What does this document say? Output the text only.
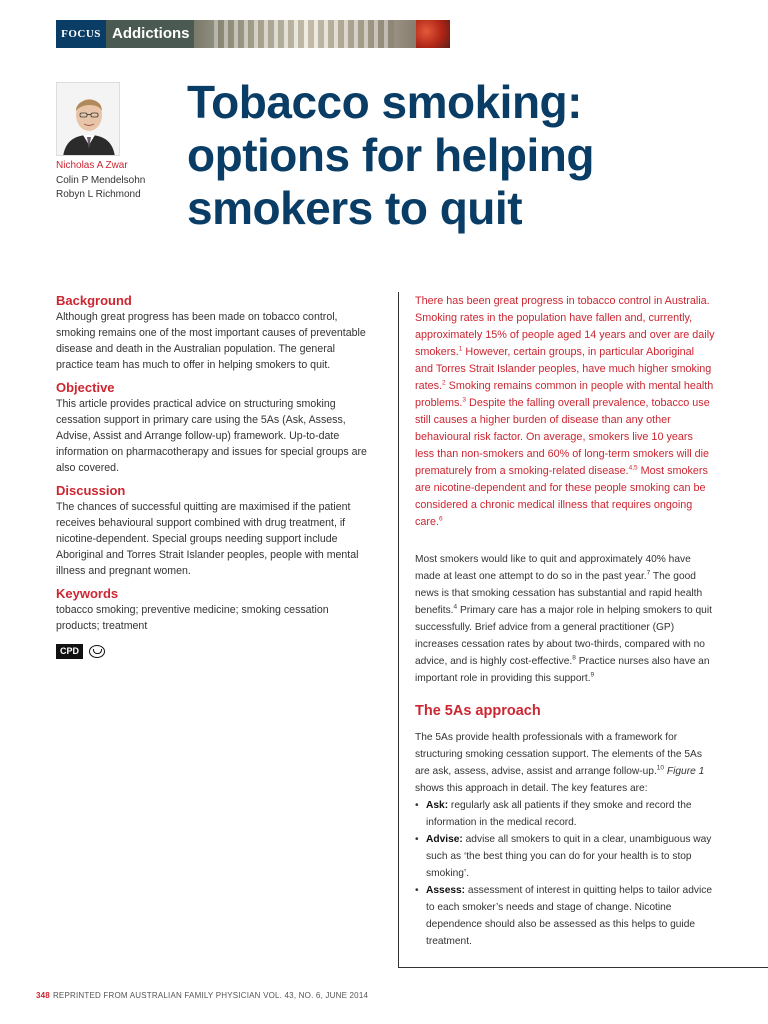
FOCUS Addictions
Nicholas A Zwar
Colin P Mendelsohn
Robyn L Richmond
Tobacco smoking: options for helping smokers to quit
Background

Although great progress has been made on tobacco control, smoking remains one of the most important causes of preventable disease and death in the Australian population. The general practice team has much to offer in helping smokers to quit.

Objective

This article provides practical advice on structuring smoking cessation support in primary care using the 5As (Ask, Assess, Advise, Assist and Arrange follow-up) framework. Up-to-date information on pharmacotherapy and issues for special groups are also covered.

Discussion

The chances of successful quitting are maximised if the patient receives behavioural support combined with drug treatment, if nicotine-dependent. Special groups needing support include Aboriginal and Torres Strait Islander peoples, people with mental illness and pregnant women.

Keywords

tobacco smoking; preventive medicine; smoking cessation products; treatment

CPD

There has been great progress in tobacco control in Australia. Smoking rates in the population have fallen and, currently, approximately 15% of people aged 14 years and over are daily smokers.$^1$ However, certain groups, in particular Aboriginal and Torres Strait Islander peoples, have much higher smoking rates.$^2$ Smoking remains common in people with mental health problems.$^3$ Despite the falling overall prevalence, tobacco use still causes a higher burden of disease than any other behavioural risk factor. On average, smokers live 10 years less than non-smokers and 60% of long-term smokers will die prematurely from a smoking-related disease.$^{4,5}$ Most smokers are nicotine-dependent and for these people smoking can be considered a chronic medical illness that requires ongoing care.$^6$

Most smokers would like to quit and approximately 40% have made at least one attempt to do so in the past year.$^7$ The good news is that smoking cessation has substantial and rapid health benefits.$^4$ Primary care has a major role in helping smokers to quit successfully. Brief advice from a general practitioner (GP) increases cessation rates by about two-thirds, compared with no advice, and is highly cost-effective.$^8$ Practice nurses also have an important role in providing this support.$^9$

The 5As approach

The 5As provide health professionals with a framework for structuring smoking cessation support. The elements of the 5As are ask, assess, advise, assist and arrange follow-up.$^{10}$ Figure 1 shows this approach in detail. The key features are:

• Ask: regularly ask all patients if they smoke and record the information in the medical record.
• Advise: advise all smokers to quit in a clear, unambiguous way such as ‘the best thing you can do for your health is to stop smoking’.
• Assess: assessment of interest in quitting helps to tailor advice to each smoker’s needs and stage of change. Nicotine dependence should also be assessed as this helps to guide treatment.
348 REPRINTED FROM AUSTRALIAN FAMILY PHYSICIAN VOL. 43, NO. 6, JUNE 2014
